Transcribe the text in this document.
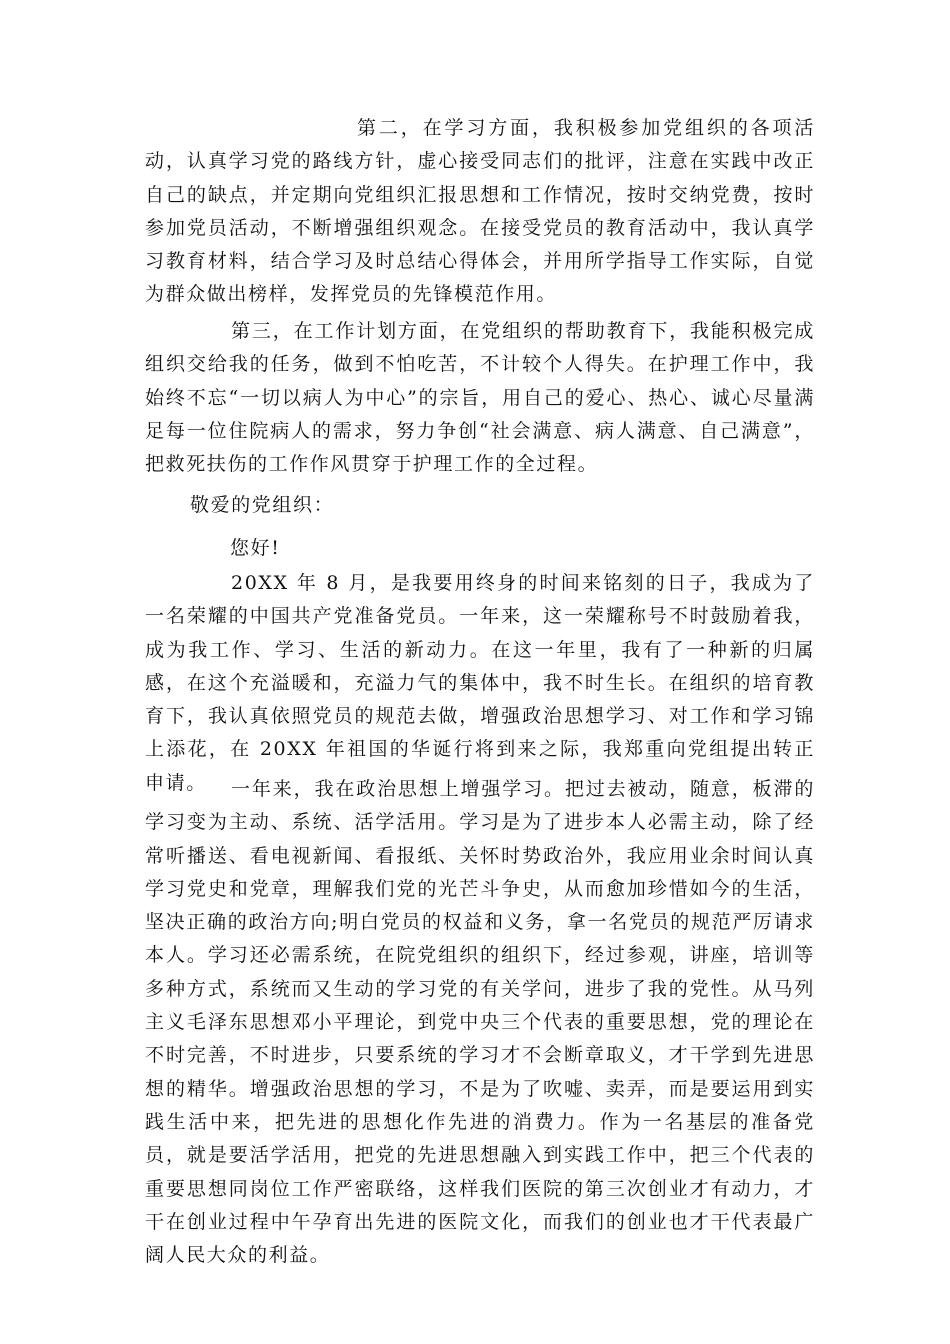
第二，在学习方面，我积极参加党组织的各项活动，认真学习党的路线方针，虚心接受同志们的批评，注意在实践中改正自己的缺点，并定期向党组织汇报思想和工作情况，按时交纳党费，按时参加党员活动，不断增强组织观念。在接受党员的教育活动中，我认真学习教育材料，结合学习及时总结心得体会，并用所学指导工作实际，自觉为群众做出榜样，发挥党员的先锋模范作用。

第三，在工作计划方面，在党组织的帮助教育下，我能积极完成组织交给我的任务，做到不怕吃苦，不计较个人得失。在护理工作中，我始终不忘“一切以病人为中心”的宗旨，用自己的爱心、热心、诚心尽量满足每一位住院病人的需求，努力争创“社会满意、病人满意、自己满意”，把救死扶伤的工作作风贯穿于护理工作的全过程。

敬爱的党组织：

您好!

20XX 年 8 月，是我要用终身的时间来铭刻的日子，我成为了一名荣耀的中国共产党准备党员。一年来，这一荣耀称号不时鼓励着我，成为我工作、学习、生活的新动力。在这一年里，我有了一种新的归属感，在这个充溢暖和，充溢力气的集体中，我不时生长。在组织的培育教育下，我认真依照党员的规范去做，增强政治思想学习、对工作和学习锦上添花，在 20XX 年祖国的华诞行将到来之际，我郑重向党组提出转正申请。	一年来，我在政治思想上增强学习。把过去被动，随意，板滞的学习变为主动、系统、活学活用。学习是为了进步本人必需主动，除了经常听播送、看电视新闻、看报纸、关怀时势政治外，我应用业余时间认真学习党史和党章，理解我们党的光芒斗争史，从而愈加珍惜如今的生活，坚决正确的政治方向;明白党员的权益和义务，拿一名党员的规范严厉请求本人。学习还必需系统，在院党组织的组织下，经过参观，讲座，培训等多种方式，系统而又生动的学习党的有关学问，进步了我的党性。从马列主义毛泽东思想邓小平理论，到党中央三个代表的重要思想，党的理论在不时完善，不时进步，只要系统的学习才不会断章取义，才干学到先进思想的精华。增强政治思想的学习，不是为了吹嘘、卖弄，而是要运用到实践生活中来，把先进的思想化作先进的消费力。作为一名基层的准备党员，就是要活学活用，把党的先进思想融入到实践工作中，把三个代表的重要思想同岗位工作严密联络，这样我们医院的第三次创业才有动力，才干在创业过程中午孕育出先进的医院文化，而我们的创业也才干代表最广阔人民大众的利益。
